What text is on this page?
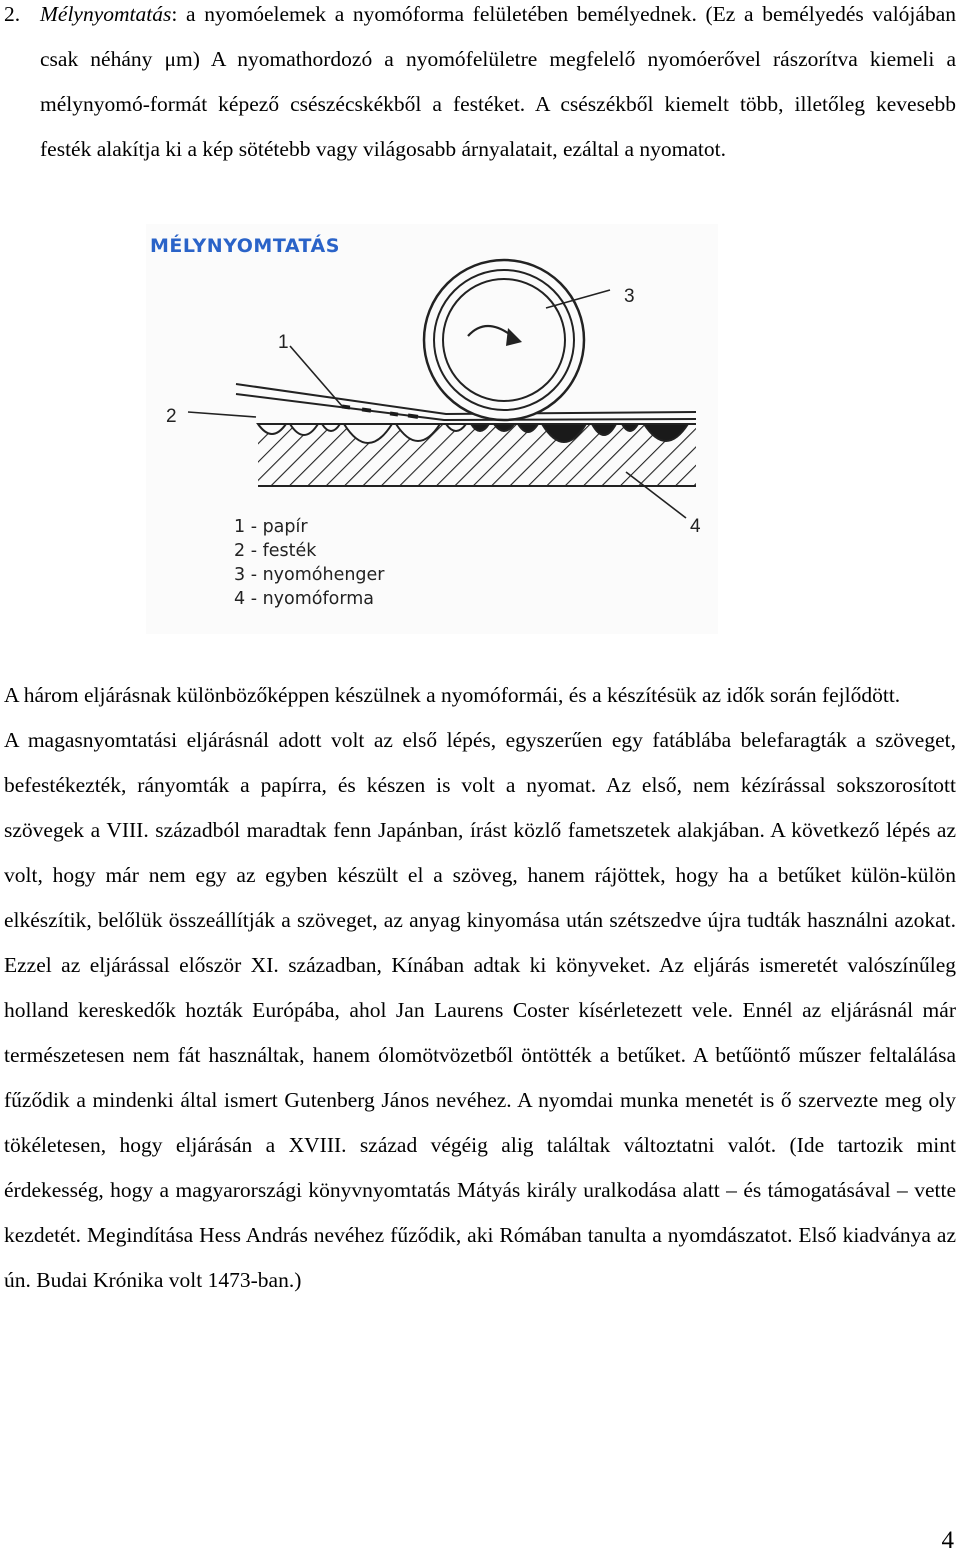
2. Mélynyomtatás: a nyomóelemek a nyomóforma felületében bemélyednek. (Ez a bemélyedés valójában csak néhány μm) A nyomathordozó a nyomófelületre megfelelő nyomóerővel rászorítva kiemeli a mélynyomó-formát képező csészécskékből a festéket. A csészékből kiemelt több, illetőleg kevesebb festék alakítja ki a kép sötétebb vagy világosabb árnyalatait, ezáltal a nyomatot.
MÉLYNYOMTATÁS
1
2
3
4
1 - papír
2 - festék
3 - nyomóhenger
4 - nyomóforma

A három eljárásnak különbözőképpen készülnek a nyomóformái, és a készítésük az idők során fejlődött.

A magasnyomtatási eljárásnál adott volt az első lépés, egyszerűen egy fatáblába belefaragták a szöveget, befestékezték, rányomták a papírra, és készen is volt a nyomat. Az első, nem kézírással sokszorosított szövegek a VIII. századból maradtak fenn Japánban, írást közlő fametszetek alakjában. A következő lépés az volt, hogy már nem egy az egyben készült el a szöveg, hanem rájöttek, hogy ha a betűket külön-külön elkészítik, belőlük összeállítják a szöveget, az anyag kinyomása után szétszedve újra tudták használni azokat. Ezzel az eljárással először XI. században, Kínában adtak ki könyveket. Az eljárás ismeretét valószínűleg holland kereskedők hozták Európába, ahol Jan Laurens Coster kísérletezett vele. Ennél az eljárásnál már természetesen nem fát használtak, hanem ólomötvözetből öntötték a betűket. A betűöntő műszer feltalálása fűződik a mindenki által ismert Gutenberg János nevéhez. A nyomdai munka menetét is ő szervezte meg oly tökéletesen, hogy eljárásán a XVIII. század végéig alig találtak változtatni valót. (Ide tartozik mint érdekesség, hogy a magyarországi könyvnyomtatás Mátyás király uralkodása alatt – és támogatásával – vette kezdetét. Megindítása Hess András nevéhez fűződik, aki Rómában tanulta a nyomdászatot. Első kiadványa az ún. Budai Krónika volt 1473-ban.)

4
